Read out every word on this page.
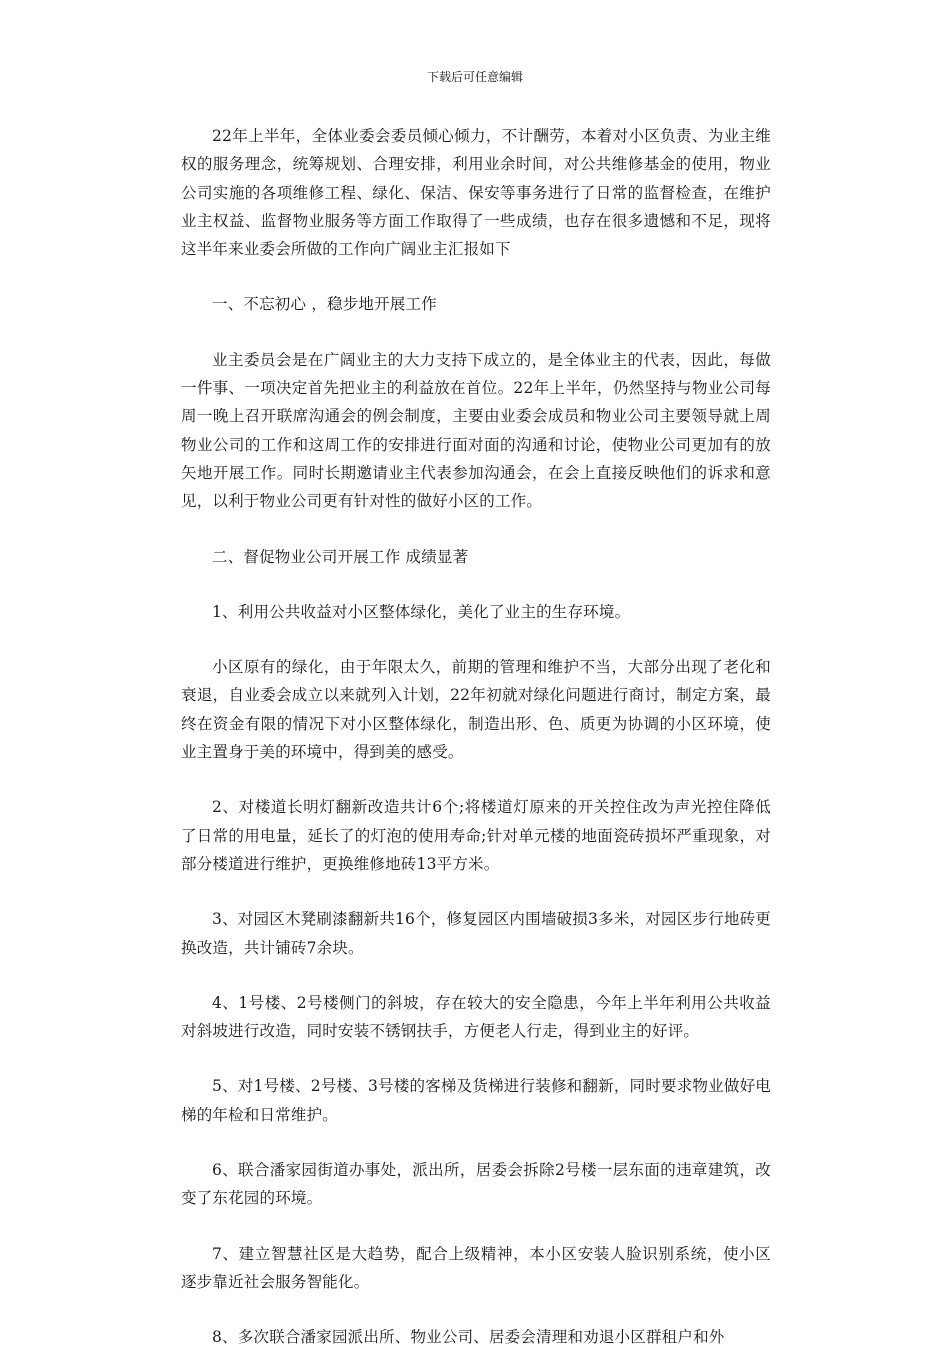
下载后可任意编辑

22年上半年，全体业委会委员倾心倾力，不计酬劳，本着对小区负责、为业主维权的服务理念，统筹规划、合理安排，利用业余时间，对公共维修基金的使用，物业公司实施的各项维修工程、绿化、保洁、保安等事务进行了日常的监督检查，在维护业主权益、监督物业服务等方面工作取得了一些成绩，也存在很多遗憾和不足，现将这半年来业委会所做的工作向广阔业主汇报如下

一、不忘初心 ，稳步地开展工作

业主委员会是在广阔业主的大力支持下成立的，是全体业主的代表，因此，每做一件事、一项决定首先把业主的利益放在首位。22年上半年，仍然坚持与物业公司每周一晚上召开联席沟通会的例会制度，主要由业委会成员和物业公司主要领导就上周物业公司的工作和这周工作的安排进行面对面的沟通和讨论，使物业公司更加有的放矢地开展工作。同时长期邀请业主代表参加沟通会，在会上直接反映他们的诉求和意见，以利于物业公司更有针对性的做好小区的工作。

二、督促物业公司开展工作 成绩显著

1、利用公共收益对小区整体绿化，美化了业主的生存环境。

小区原有的绿化，由于年限太久，前期的管理和维护不当，大部分出现了老化和衰退，自业委会成立以来就列入计划，22年初就对绿化问题进行商讨，制定方案，最终在资金有限的情况下对小区整体绿化，制造出形、色、质更为协调的小区环境，使业主置身于美的环境中，得到美的感受。

2、对楼道长明灯翻新改造共计6个;将楼道灯原来的开关控住改为声光控住降低了日常的用电量，延长了的灯泡的使用寿命;针对单元楼的地面瓷砖损坏严重现象，对部分楼道进行维护，更换维修地砖13平方米。

3、对园区木凳刷漆翻新共16个，修复园区内围墙破损3多米，对园区步行地砖更换改造，共计铺砖7余块。

4、1号楼、2号楼侧门的斜坡，存在较大的安全隐患，今年上半年利用公共收益对斜坡进行改造，同时安装不锈钢扶手，方便老人行走，得到业主的好评。

5、对1号楼、2号楼、3号楼的客梯及货梯进行装修和翻新，同时要求物业做好电梯的年检和日常维护。

6、联合潘家园街道办事处，派出所，居委会拆除2号楼一层东面的违章建筑，改变了东花园的环境。

7、建立智慧社区是大趋势，配合上级精神，本小区安装人脸识别系统，使小区逐步靠近社会服务智能化。

8、多次联合潘家园派出所、物业公司、居委会清理和劝退小区群租户和外
